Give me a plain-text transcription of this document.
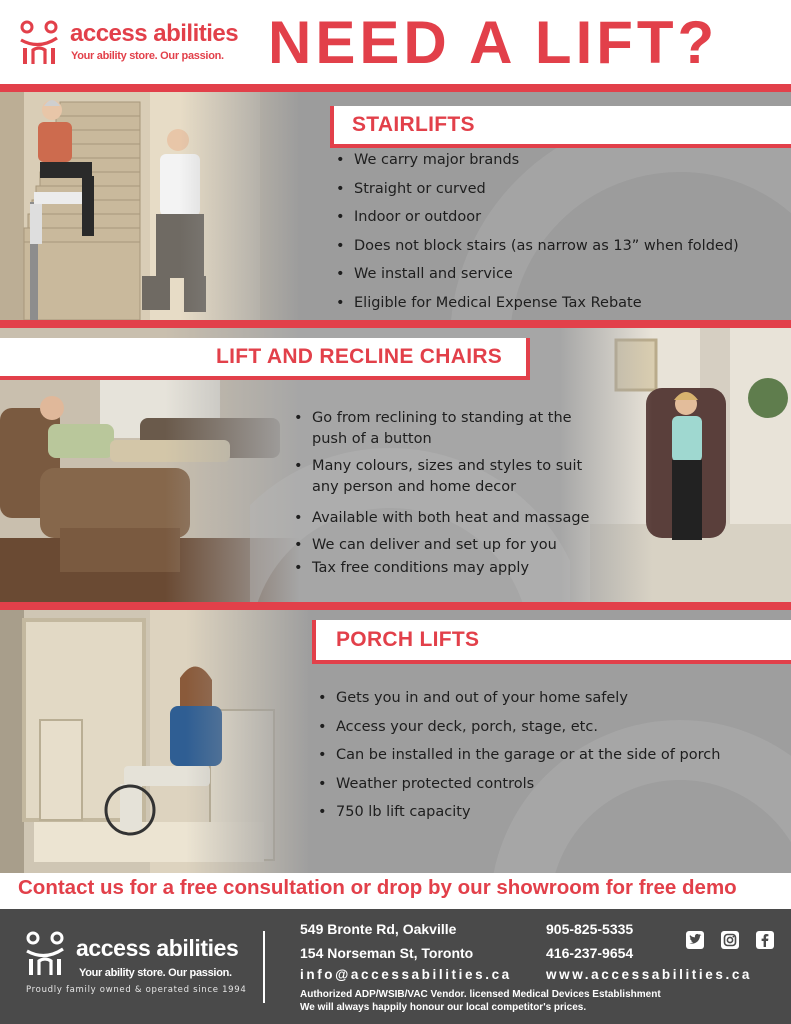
access abilities
Your ability store. Our passion. NEED A LIFT?
STAIRLIFTS
• We carry major brands
• Straight or curved
• Indoor or outdoor
• Does not block stairs (as narrow as 13” when folded)
• We install and service
• Eligible for Medical Expense Tax Rebate
LIFT AND RECLINE CHAIRS
• Go from reclining to standing at the
push of a button
• Many colours, sizes and styles to suit
any person and home decor
• Available with both heat and massage
• We can deliver and set up for you
• Tax free conditions may apply
PORCH LIFTS
• Gets you in and out of your home safely
• Access your deck, porch, stage, etc.
• Can be installed in the garage or at the side of porch
• Weather protected controls
• 750 lb lift capacity
Contact us for a free consultation or drop by our showroom for free demo
access abilities
Your ability store. Our passion.
Proudly family owned & operated since 1994
549 Bronte Rd, Oakville	905-825-5335
154 Norseman St, Toronto	416-237-9654
info@accessabilities.ca	www.accessabilities.ca
Authorized ADP/WSIB/VAC Vendor. licensed Medical Devices Establishment
We will always happily honour our local competitor's prices.
